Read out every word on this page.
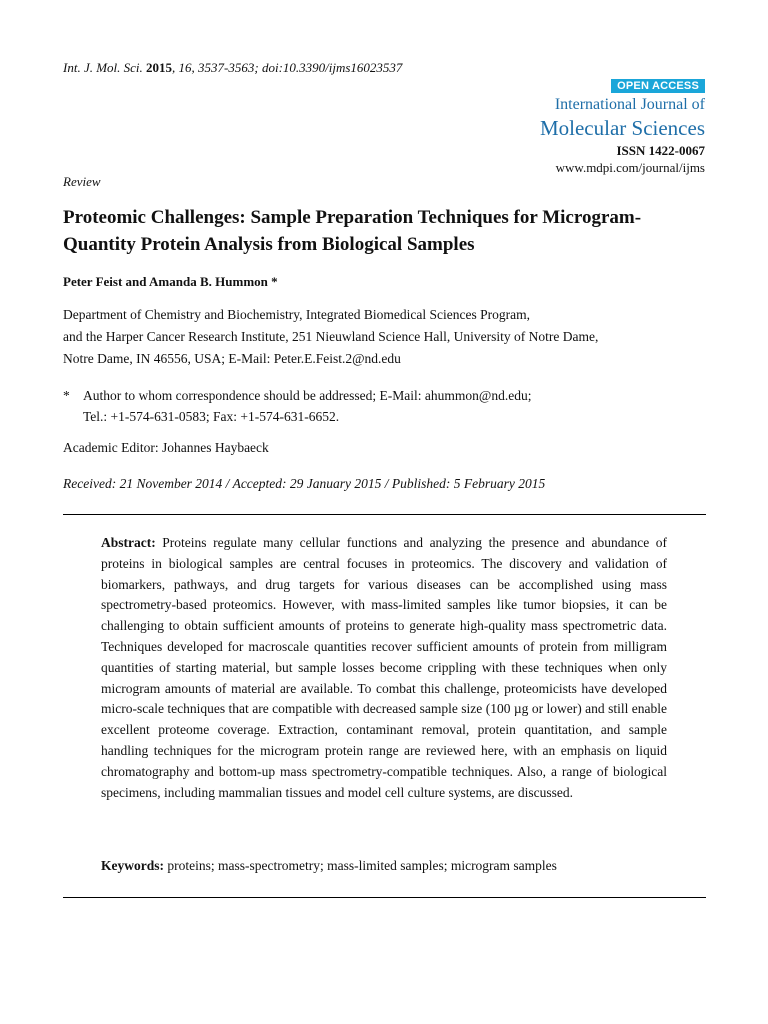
Int. J. Mol. Sci. 2015, 16, 3537-3563; doi:10.3390/ijms16023537
OPEN ACCESS
International Journal of
Molecular Sciences
ISSN 1422-0067
www.mdpi.com/journal/ijms
Review
Proteomic Challenges: Sample Preparation Techniques for Microgram-Quantity Protein Analysis from Biological Samples
Peter Feist and Amanda B. Hummon *
Department of Chemistry and Biochemistry, Integrated Biomedical Sciences Program,
and the Harper Cancer Research Institute, 251 Nieuwland Science Hall, University of Notre Dame,
Notre Dame, IN 46556, USA; E-Mail: Peter.E.Feist.2@nd.edu
* Author to whom correspondence should be addressed; E-Mail: ahummon@nd.edu;
Tel.: +1-574-631-0583; Fax: +1-574-631-6652.
Academic Editor: Johannes Haybaeck
Received: 21 November 2014 / Accepted: 29 January 2015 / Published: 5 February 2015

Abstract: Proteins regulate many cellular functions and analyzing the presence and abundance of proteins in biological samples are central focuses in proteomics. The discovery and validation of biomarkers, pathways, and drug targets for various diseases can be accomplished using mass spectrometry-based proteomics. However, with mass-limited samples like tumor biopsies, it can be challenging to obtain sufficient amounts of proteins to generate high-quality mass spectrometric data. Techniques developed for macroscale quantities recover sufficient amounts of protein from milligram quantities of starting material, but sample losses become crippling with these techniques when only microgram amounts of material are available. To combat this challenge, proteomicists have developed micro-scale techniques that are compatible with decreased sample size (100 µg or lower) and still enable excellent proteome coverage. Extraction, contaminant removal, protein quantitation, and sample handling techniques for the microgram protein range are reviewed here, with an emphasis on liquid chromatography and bottom-up mass spectrometry-compatible techniques. Also, a range of biological specimens, including mammalian tissues and model cell culture systems, are discussed.

Keywords: proteins; mass-spectrometry; mass-limited samples; microgram samples
